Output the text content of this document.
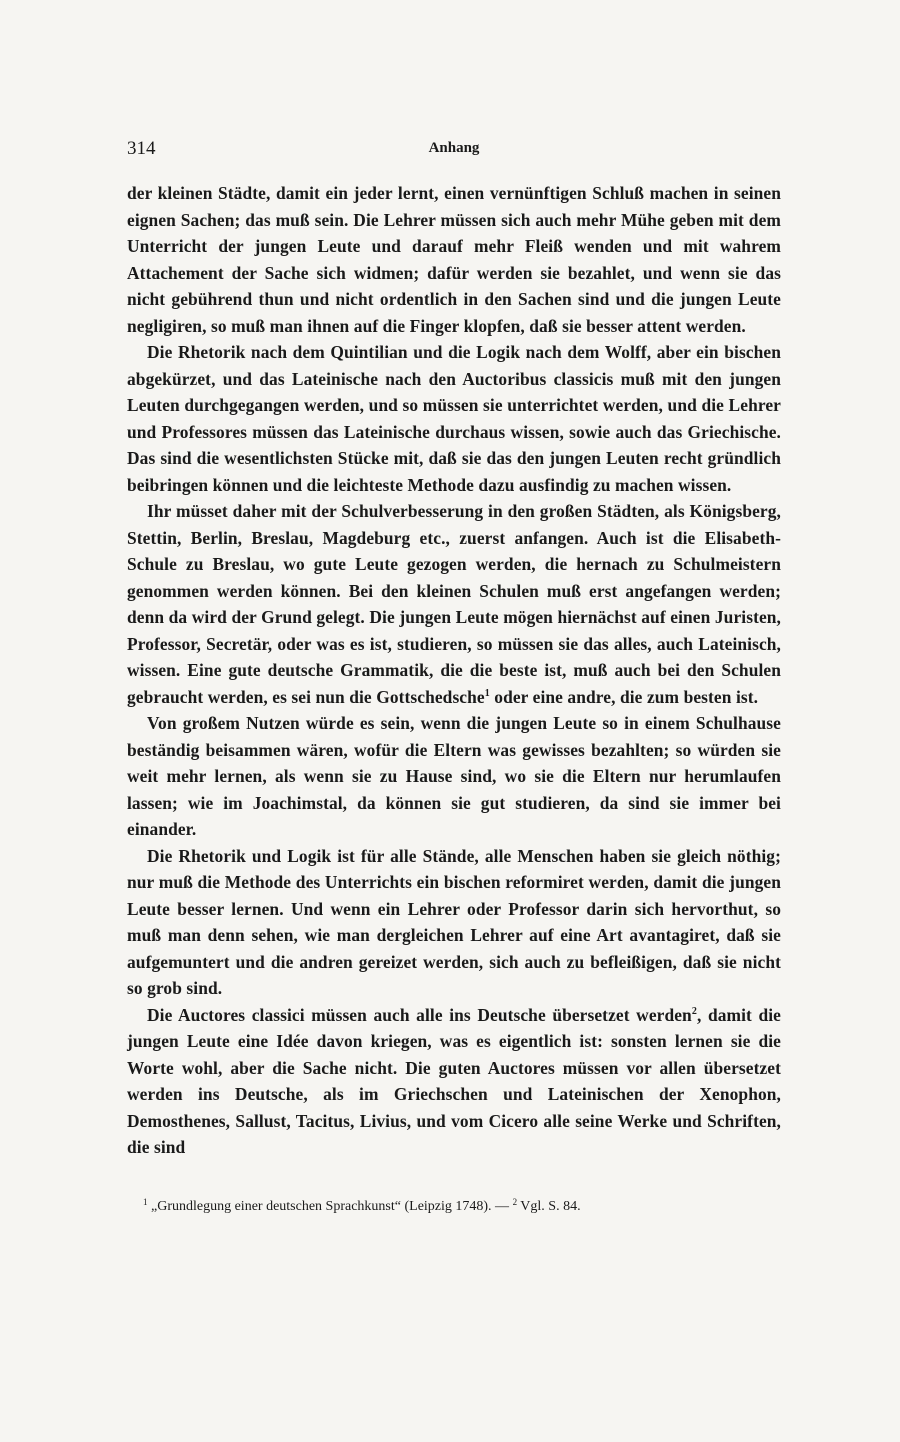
314	Anhang

der kleinen Städte, damit ein jeder lernt, einen vernünftigen Schluß machen in seinen eignen Sachen; das muß sein. Die Lehrer müssen sich auch mehr Mühe geben mit dem Unterricht der jungen Leute und darauf mehr Fleiß wenden und mit wahrem Attachement der Sache sich widmen; dafür werden sie bezahlet, und wenn sie das nicht gebührend thun und nicht ordentlich in den Sachen sind und die jungen Leute negligiren, so muß man ihnen auf die Finger klopfen, daß sie besser attent werden.

Die Rhetorik nach dem Quintilian und die Logik nach dem Wolff, aber ein bischen abgekürzet, und das Lateinische nach den Auctoribus classicis muß mit den jungen Leuten durchgegangen werden, und so müssen sie unterrichtet werden, und die Lehrer und Professores müssen das Lateinische durchaus wissen, sowie auch das Griechische. Das sind die wesentlichsten Stücke mit, daß sie das den jungen Leuten recht gründlich beibringen können und die leichteste Methode dazu ausfindig zu machen wissen.

Ihr müsset daher mit der Schulverbesserung in den großen Städten, als Königsberg, Stettin, Berlin, Breslau, Magdeburg etc., zuerst anfangen. Auch ist die Elisabeth-Schule zu Breslau, wo gute Leute gezogen werden, die hernach zu Schulmeistern genommen werden können. Bei den kleinen Schulen muß erst angefangen werden; denn da wird der Grund gelegt. Die jungen Leute mögen hiernächst auf einen Juristen, Professor, Secretär, oder was es ist, studieren, so müssen sie das alles, auch Lateinisch, wissen. Eine gute deutsche Grammatik, die die beste ist, muß auch bei den Schulen gebraucht werden, es sei nun die Gottschedsche$^1$ oder eine andre, die zum besten ist.

Von großem Nutzen würde es sein, wenn die jungen Leute so in einem Schulhause beständig beisammen wären, wofür die Eltern was gewisses bezahlten; so würden sie weit mehr lernen, als wenn sie zu Hause sind, wo sie die Eltern nur herumlaufen lassen; wie im Joachimstal, da können sie gut studieren, da sind sie immer bei einander.

Die Rhetorik und Logik ist für alle Stände, alle Menschen haben sie gleich nöthig; nur muß die Methode des Unterrichts ein bischen reformiret werden, damit die jungen Leute besser lernen. Und wenn ein Lehrer oder Professor darin sich hervorthut, so muß man denn sehen, wie man dergleichen Lehrer auf eine Art avantagiret, daß sie aufgemuntert und die andren gereizet werden, sich auch zu befleißigen, daß sie nicht so grob sind.

Die Auctores classici müssen auch alle ins Deutsche übersetzet werden$^2$, damit die jungen Leute eine Idée davon kriegen, was es eigentlich ist: sonsten lernen sie die Worte wohl, aber die Sache nicht. Die guten Auctores müssen vor allen übersetzet werden ins Deutsche, als im Griechschen und Lateinischen der Xenophon, Demosthenes, Sallust, Tacitus, Livius, und vom Cicero alle seine Werke und Schriften, die sind

$^1$ „Grundlegung einer deutschen Sprachkunst“ (Leipzig 1748). — $^2$ Vgl. S. 84.
